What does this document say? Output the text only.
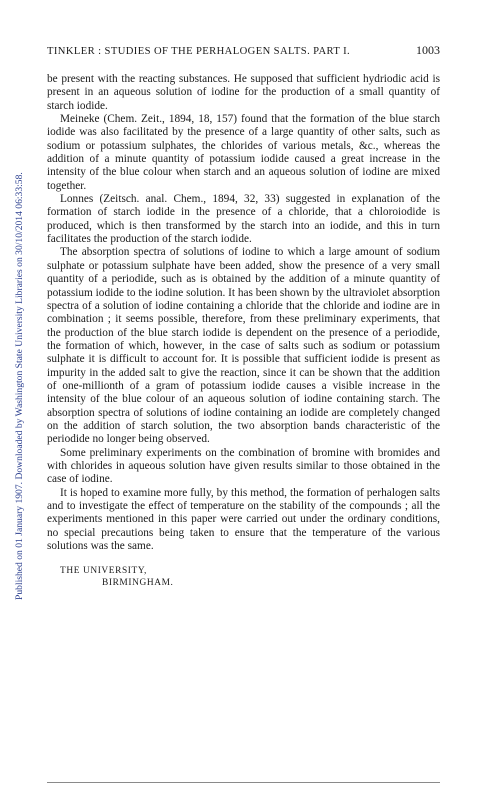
Published on 01 January 1907. Downloaded by Washington State University Libraries on 30/10/2014 06:33:58.
TINKLER : STUDIES OF THE PERHALOGEN SALTS. PART I.	1003

be present with the reacting substances. He supposed that sufficient hydriodic acid is present in an aqueous solution of iodine for the production of a small quantity of starch iodide.

Meineke (Chem. Zeit., 1894, 18, 157) found that the formation of the blue starch iodide was also facilitated by the presence of a large quantity of other salts, such as sodium or potassium sulphates, the chlorides of various metals, &c., whereas the addition of a minute quantity of potassium iodide caused a great increase in the intensity of the blue colour when starch and an aqueous solution of iodine are mixed together.

Lonnes (Zeitsch. anal. Chem., 1894, 32, 33) suggested in explanation of the formation of starch iodide in the presence of a chloride, that a chloroiodide is produced, which is then transformed by the starch into an iodide, and this in turn facilitates the production of the starch iodide.

The absorption spectra of solutions of iodine to which a large amount of sodium sulphate or potassium sulphate have been added, show the presence of a very small quantity of a periodide, such as is obtained by the addition of a minute quantity of potassium iodide to the iodine solution. It has been shown by the ultraviolet absorption spectra of a solution of iodine containing a chloride that the chloride and iodine are in combination ; it seems possible, therefore, from these preliminary experiments, that the production of the blue starch iodide is dependent on the presence of a periodide, the formation of which, however, in the case of salts such as sodium or potassium sulphate it is difficult to account for. It is possible that sufficient iodide is present as impurity in the added salt to give the reaction, since it can be shown that the addition of one-millionth of a gram of potassium iodide causes a visible increase in the intensity of the blue colour of an aqueous solution of iodine containing starch. The absorption spectra of solutions of iodine containing an iodide are completely changed on the addition of starch solution, the two absorption bands characteristic of the periodide no longer being observed.

Some preliminary experiments on the combination of bromine with bromides and with chlorides in aqueous solution have given results similar to those obtained in the case of iodine.

It is hoped to examine more fully, by this method, the formation of perhalogen salts and to investigate the effect of temperature on the stability of the compounds ; all the experiments mentioned in this paper were carried out under the ordinary conditions, no special precautions being taken to ensure that the temperature of the various solutions was the same.

THE UNIVERSITY,
BIRMINGHAM.
